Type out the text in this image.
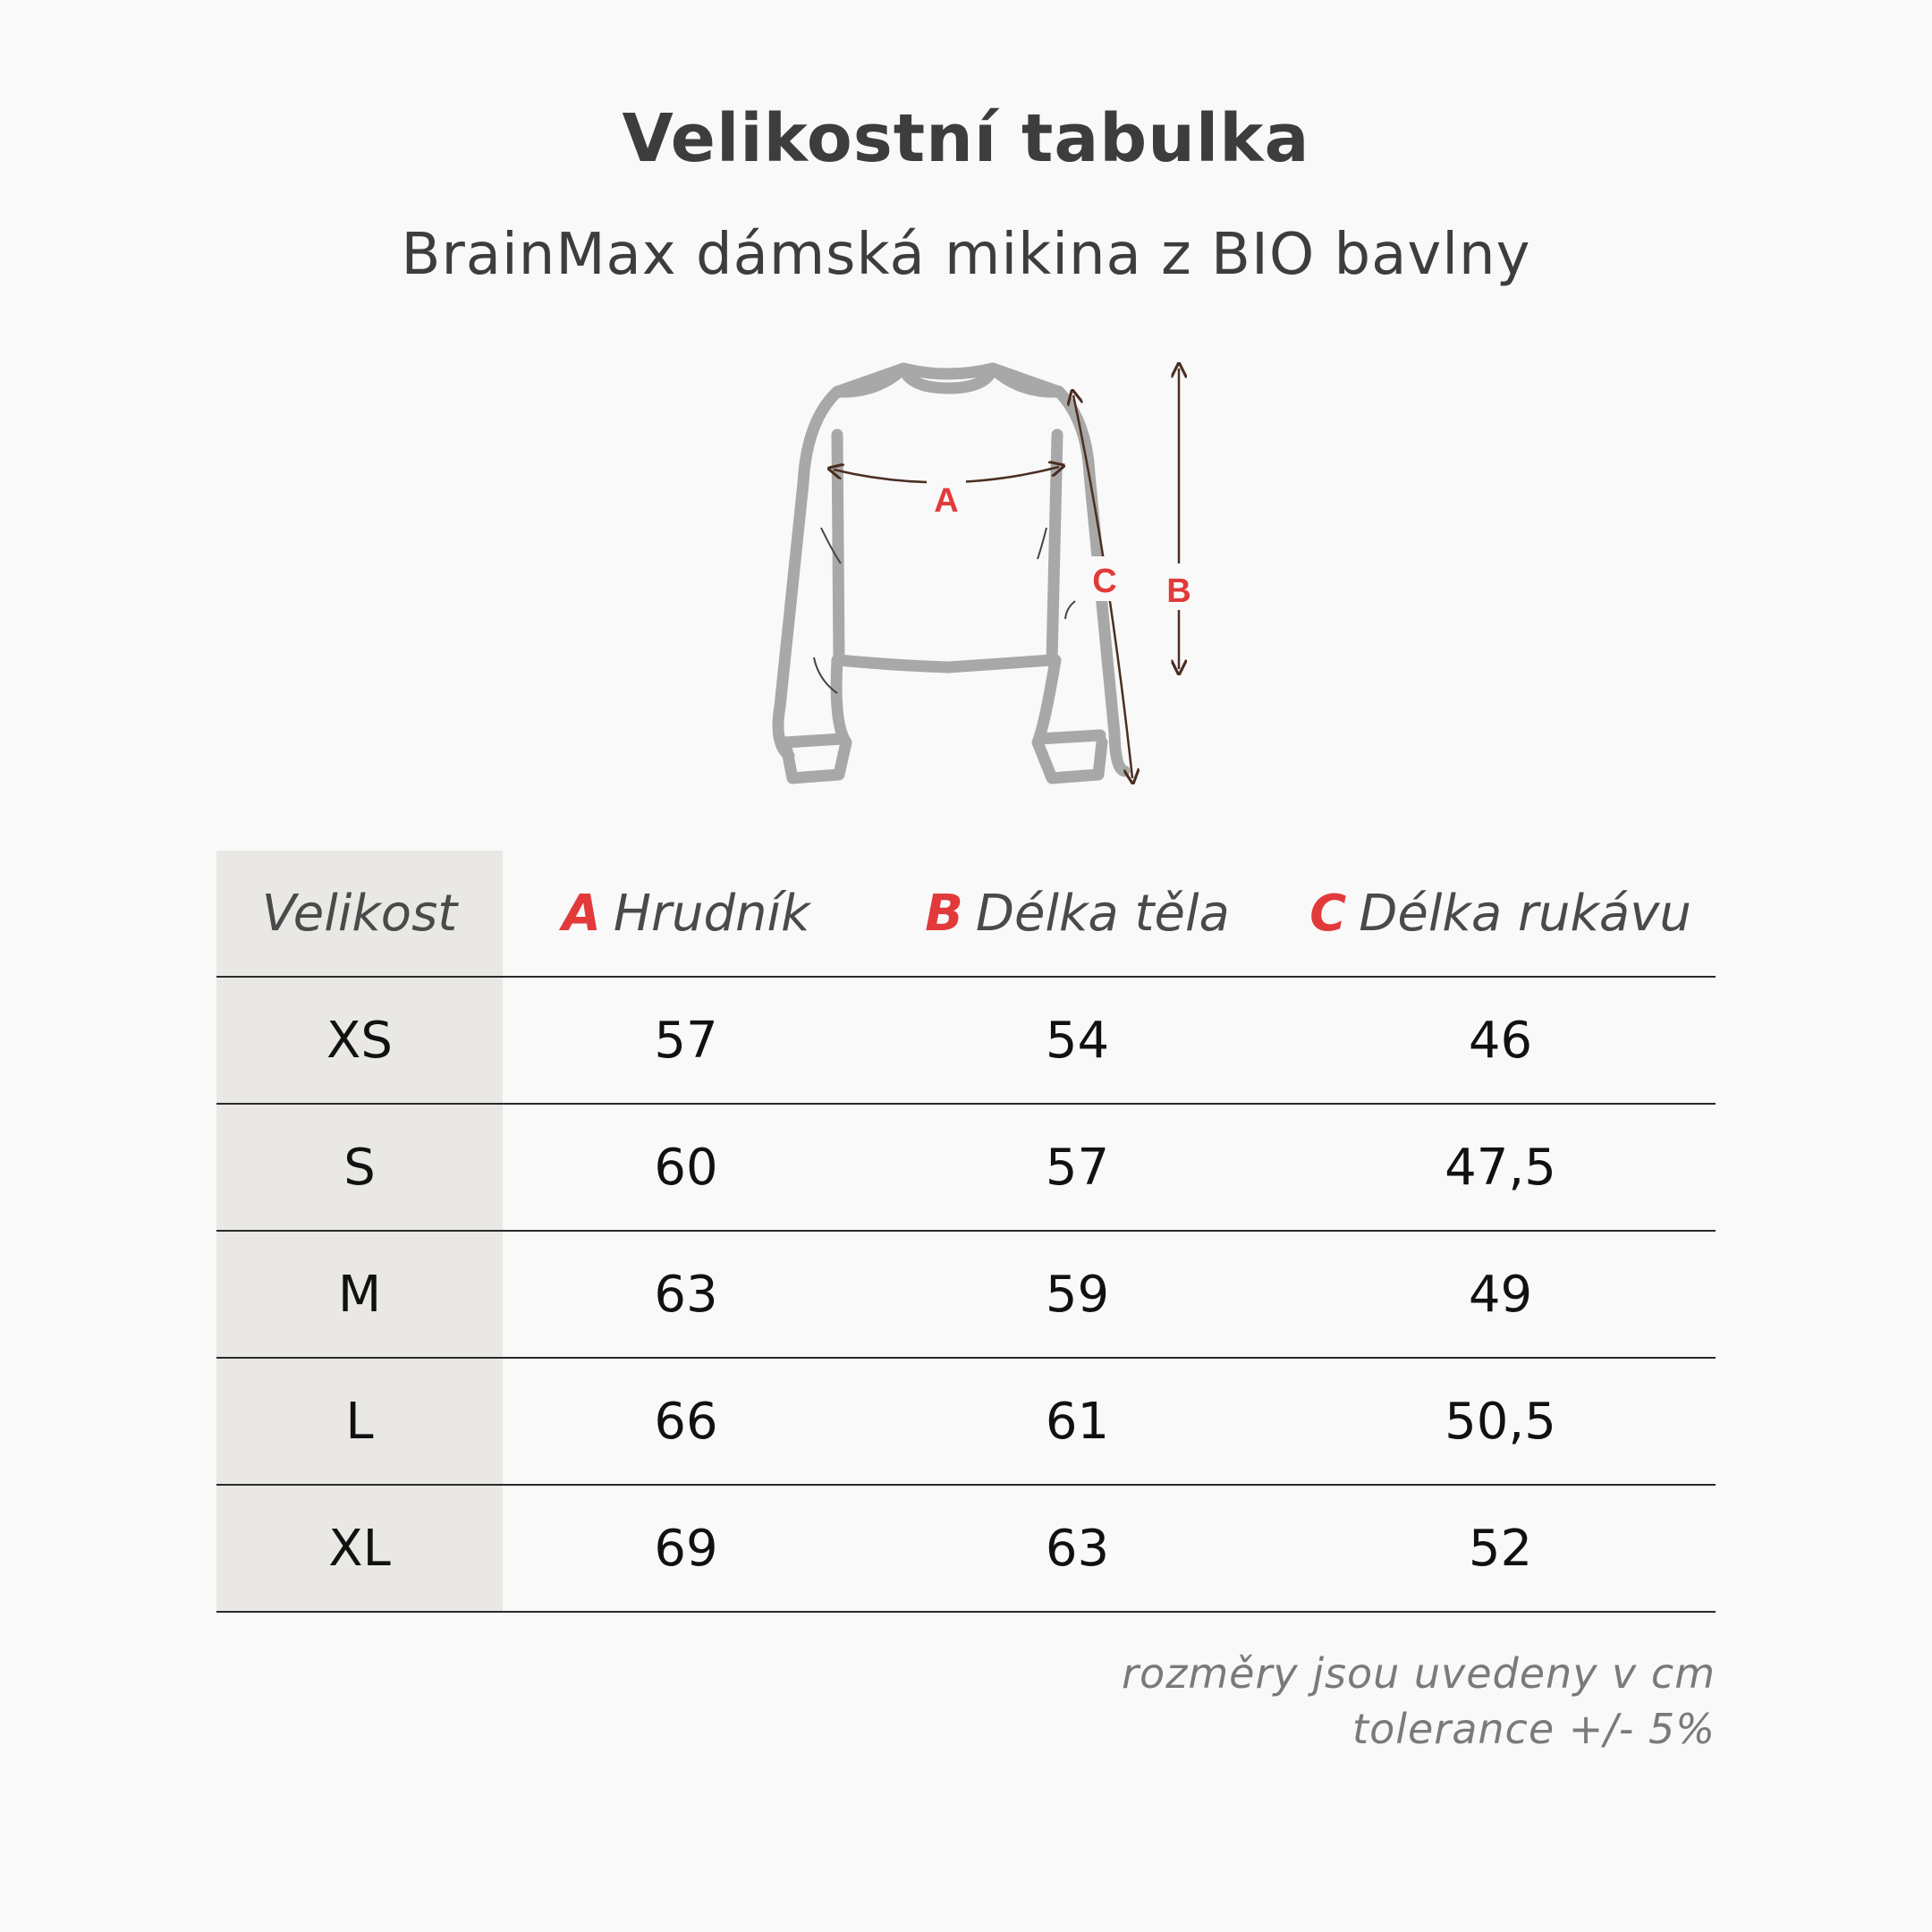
Velikostní tabulka
BrainMax dámská mikina z BIO bavlny
A
C B
Velikost A Hrudník B Délka těla C Délka rukávu
XS	57	54	46
S	60	57	47,5
M	63	59	49
L	66	61	50,5
XL	69	63	52
rozměry jsou uvedeny v cm
tolerance +/- 5%
